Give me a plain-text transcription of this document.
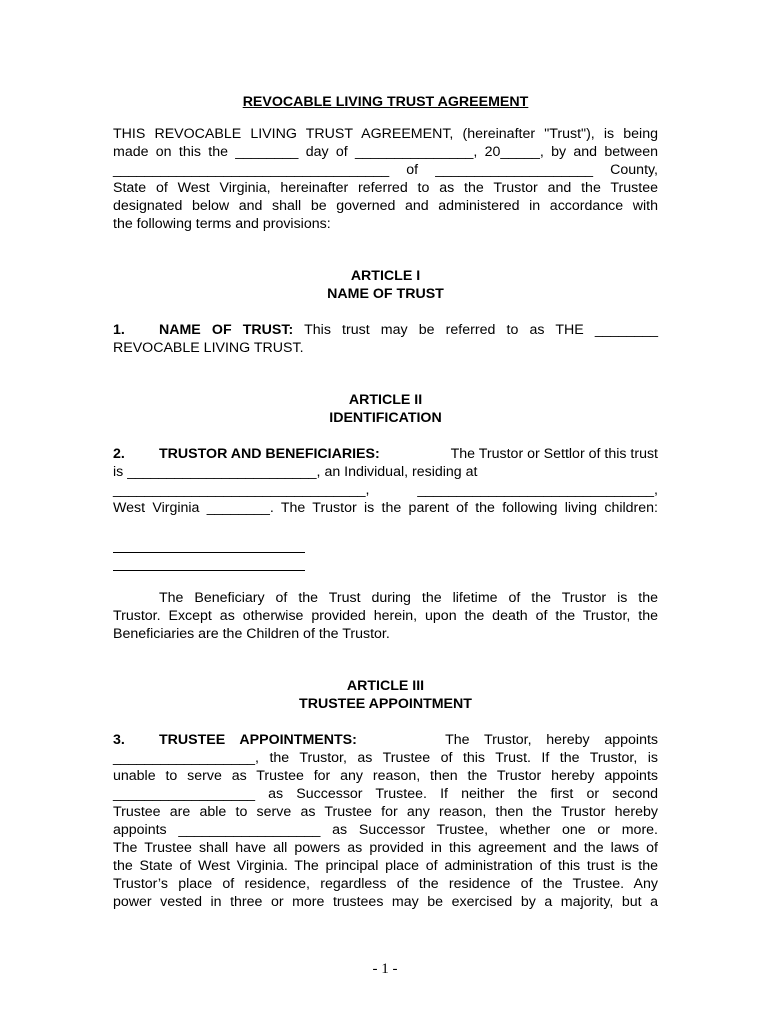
REVOCABLE LIVING TRUST AGREEMENT

THIS REVOCABLE LIVING TRUST AGREEMENT, (hereinafter "Trust"), is being

made on this the ________ day of _______________, 20_____, by and between

___________________________________ of ____________________ County,

State of West Virginia, hereinafter referred to as the Trustor and the Trustee

designated below and shall be governed and administered in accordance with

the following terms and provisions:

ARTICLE I

NAME OF TRUST

1. NAME OF TRUST: This trust may be referred to as THE ________

REVOCABLE LIVING TRUST.

ARTICLE II

IDENTIFICATION

2.	TRUSTOR AND BENEFICIARIES:	The Trustor or Settlor of this trust

is ________________________, an Individual, residing at

________________________________, ______________________________,

West Virginia ________. The Trustor is the parent of the following living children:

The Beneficiary of the Trust during the lifetime of the Trustor is the

Trustor. Except as otherwise provided herein, upon the death of the Trustor, the

Beneficiaries are the Children of the Trustor.

ARTICLE III

TRUSTEE APPOINTMENT

3. TRUSTEE APPOINTMENTS:	The Trustor, hereby appoints

__________________, the Trustor, as Trustee of this Trust. If the Trustor, is

unable to serve as Trustee for any reason, then the Trustor hereby appoints

__________________ as Successor Trustee. If neither the first or second

Trustee are able to serve as Trustee for any reason, then the Trustor hereby

appoints __________________ as Successor Trustee, whether one or more.

The Trustee shall have all powers as provided in this agreement and the laws of

the State of West Virginia. The principal place of administration of this trust is the

Trustor’s place of residence, regardless of the residence of the Trustee. Any

power vested in three or more trustees may be exercised by a majority, but a

- 1 -
